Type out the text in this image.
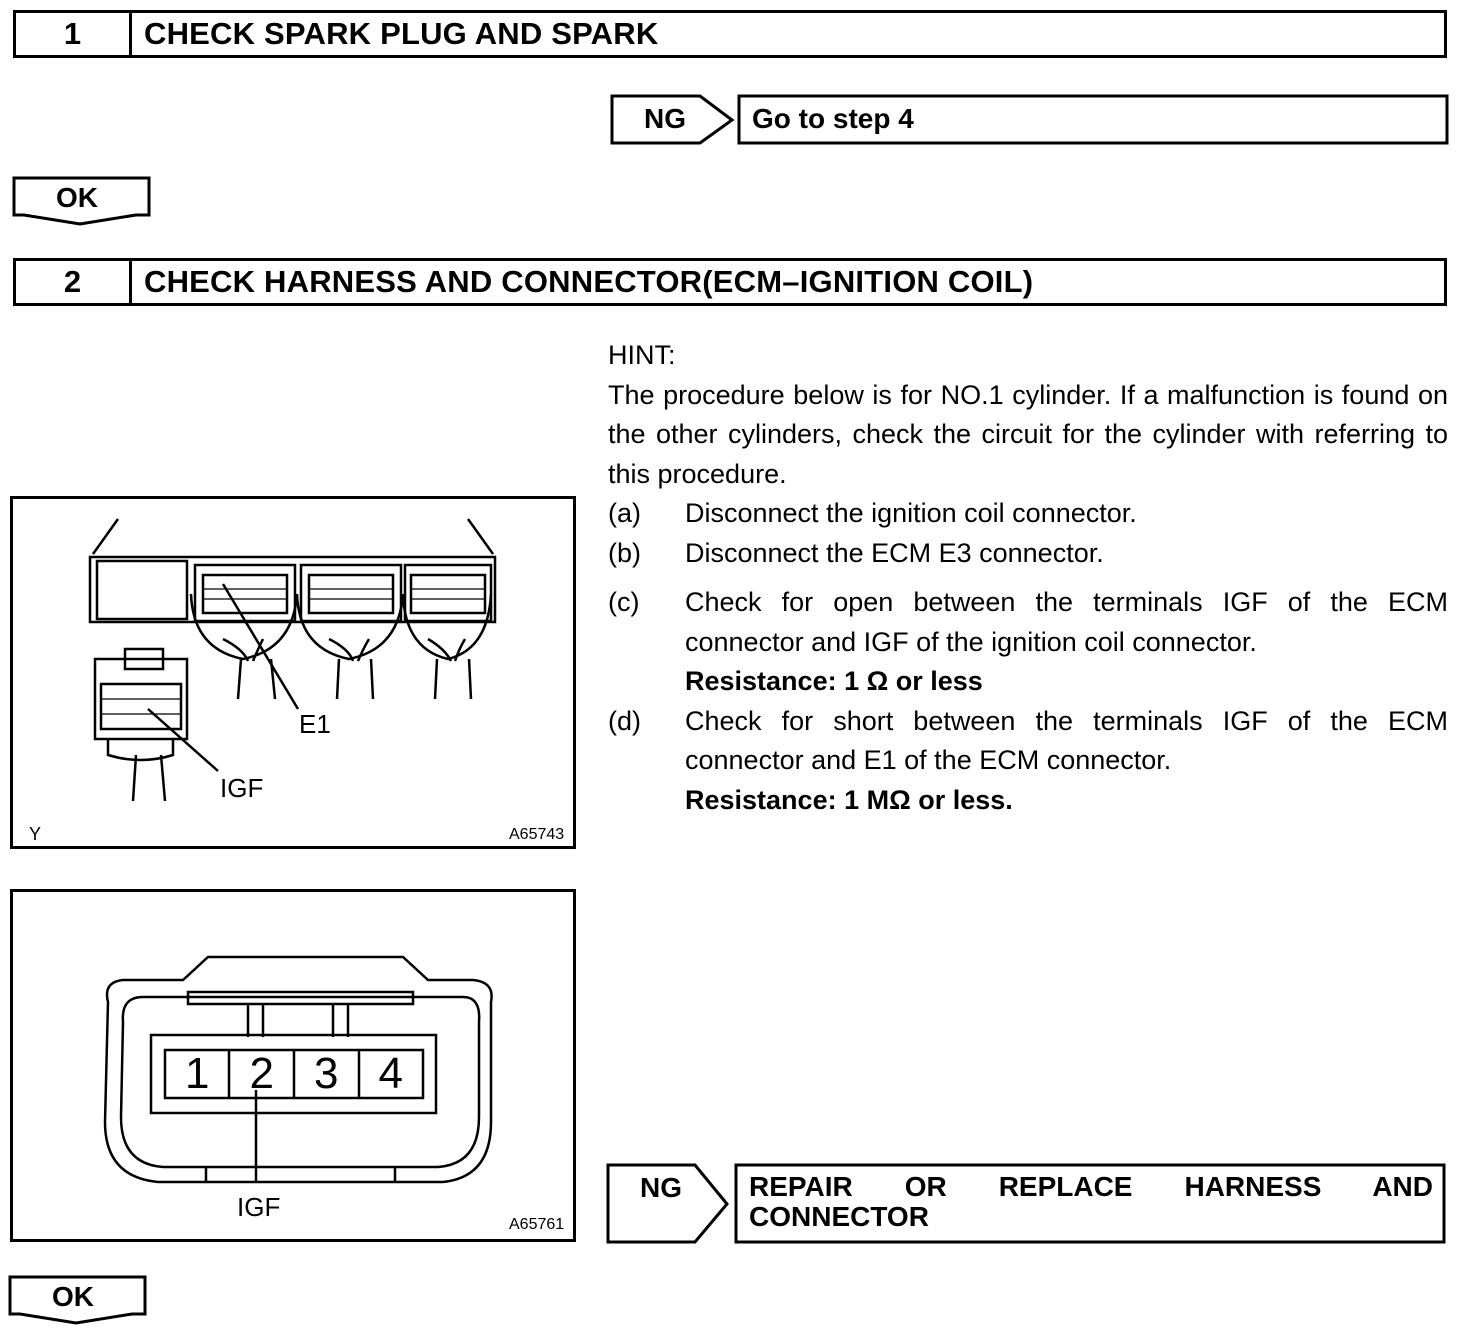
1	CHECK SPARK PLUG AND SPARK
NG	Go to step 4
OK
2	CHECK HARNESS AND CONNECTOR(ECM–IGNITION COIL)
HINT:
The procedure below is for NO.1 cylinder. If a malfunction is found on the other cylinders, check the circuit for the cylinder with referring to this procedure.
(a) Disconnect the ignition coil connector.
(b) Disconnect the ECM E3 connector.
(c) Check for open between the terminals IGF of the ECM connector and IGF of the ignition coil connector.
Resistance: 1 Ω or less
(d) Check for short between the terminals IGF of the ECM connector and E1 of the ECM connector.
Resistance: 1 MΩ or less.
E1
IGF
Y	A65743
1 2 3 4
IGF
A65761
NG	REPAIR OR REPLACE HARNESS AND
CONNECTOR
OK
